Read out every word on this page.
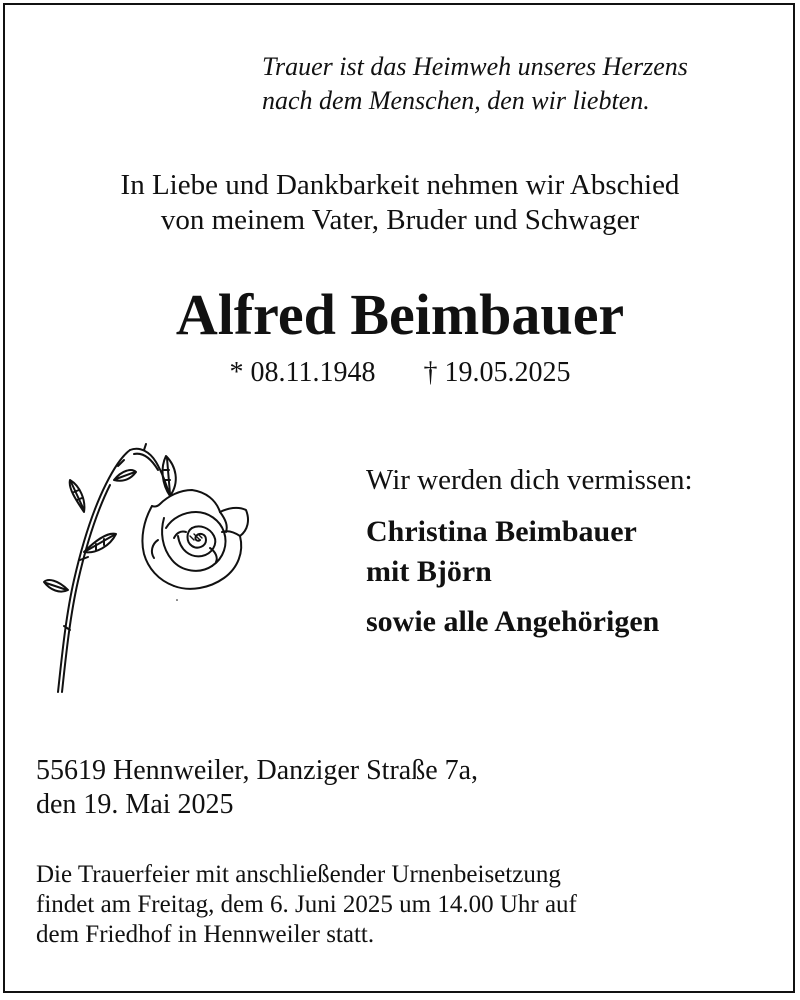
Trauer ist das Heimweh unseres Herzens
nach dem Menschen, den wir liebten.
In Liebe und Dankbarkeit nehmen wir Abschied
von meinem Vater, Bruder und Schwager
Alfred Beimbauer
* 08.11.1948 † 19.05.2025
Wir werden dich vermissen:
Christina Beimbauer
mit Björn
sowie alle Angehörigen
55619 Hennweiler, Danziger Straße 7a,
den 19. Mai 2025
Die Trauerfeier mit anschließender Urnenbeisetzung
findet am Freitag, dem 6. Juni 2025 um 14.00 Uhr auf
dem Friedhof in Hennweiler statt.
